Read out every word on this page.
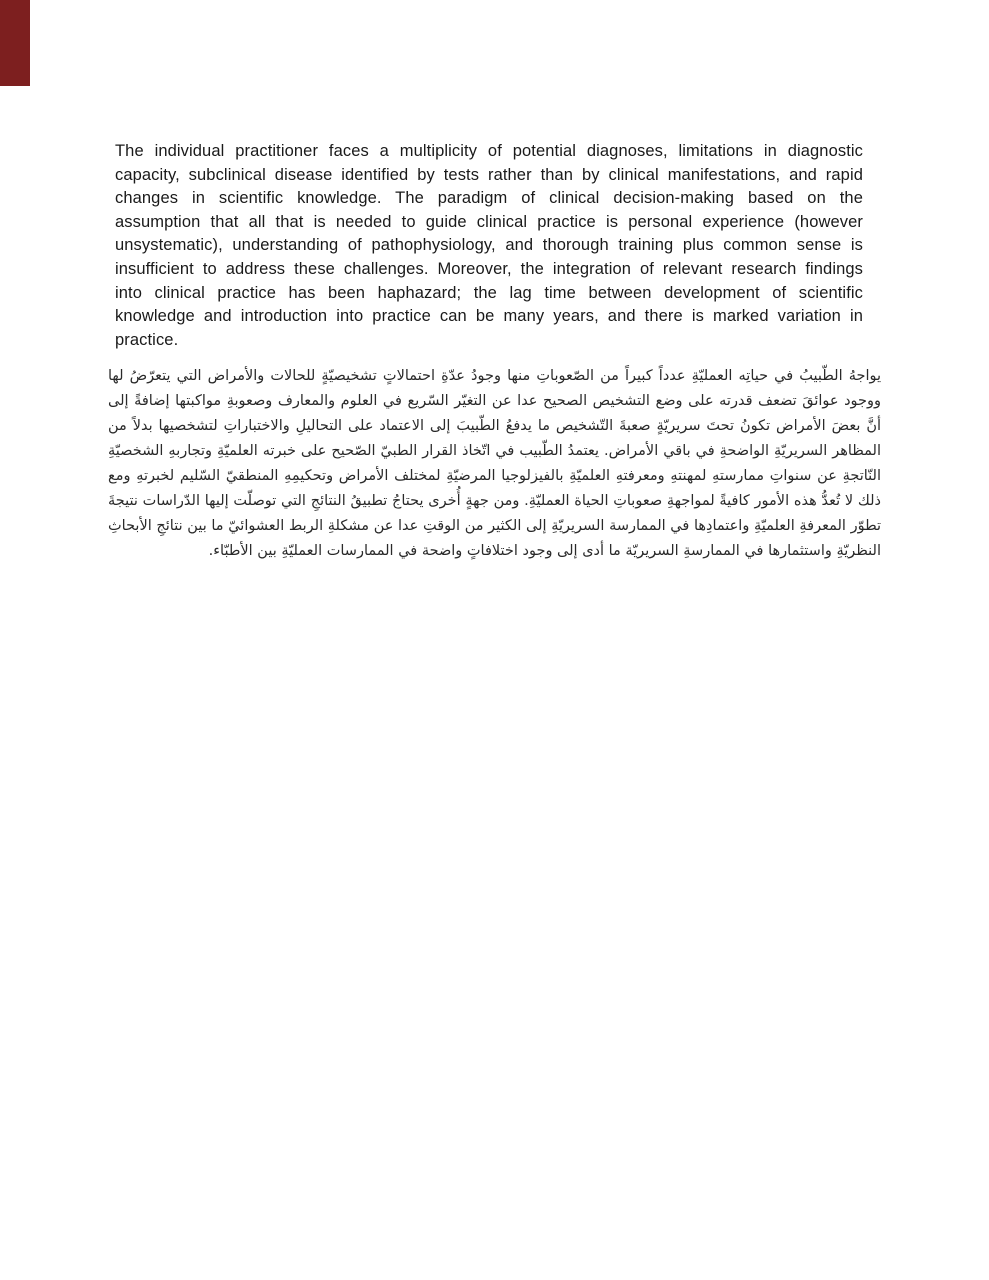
The individual practitioner faces a multiplicity of potential diagnoses, limitations in diagnostic capacity, subclinical disease identified by tests rather than by clinical manifestations, and rapid changes in scientific knowledge. The paradigm of clinical decision-making based on the assumption that all that is needed to guide clinical practice is personal experience (however unsystematic), understanding of pathophysiology, and thorough training plus common sense is insufficient to address these challenges. Moreover, the integration of relevant research findings into clinical practice has been haphazard; the lag time between development of scientific knowledge and introduction into practice can be many years, and there is marked variation in practice.

يواجهُ الطّبيبُ في حياتِه العمليّةِ عدداً كبيراً من الصّعوباتِ منها وجودُ عدّةِ احتمالاتٍ تشخيصيّةٍ للحالات والأمراض التي يتعرّضُ لها ووجود عوائقَ تضعف قدرته على وضع التشخيص الصحيح عدا عن التغيّر السّريع في العلوم والمعارف وصعوبةِ مواكبتها إضافةً إلى أنَّ بعضَ الأمراض تكونُ تحتَ سريريّةٍ صعبةَ التّشخيص ما يدفعُ الطّبيبَ إلى الاعتماد على التحاليلِ والاختباراتِ لتشخصيها بدلاً من المظاهر السريريّةِ الواضحةِ في باقي الأمراض. يعتمدُ الطّبيب في اتّخاذ القرار الطبيّ الصّحيح على خبرته العلميّةِ وتجاربهِ الشخصيّةِ النّاتجةِ عن سنواتِ ممارستهِ لمهنتهِ ومعرفتهِ العلميّةِ بالفيزلوجيا المرضيّةِ لمختلف الأمراض وتحكيمِهِ المنطقيّ السّليم لخبرتهِ ومع ذلك لا تُعدُّ هذه الأمور كافيةً لمواجهةِ صعوباتِ الحياة العمليّةِ. ومن جهةٍ أُخرى يحتاجُ تطبيقُ النتائجِ التي توصلّت إليها الدّراسات نتيجةَ تطوّر المعرفةِ العلميّةِ واعتمادِها في الممارسة السريريّةِ إلى الكثير من الوقتِ عدا عن مشكلةِ الربط العشوائيّ ما بين نتائجِ الأبحاثِ النظريّةِ واستثمارها في الممارسةِ السريريّة ما أدى إلى وجود اختلافاتٍ واضحة في الممارسات العمليّةِ بين الأطبّاء.
